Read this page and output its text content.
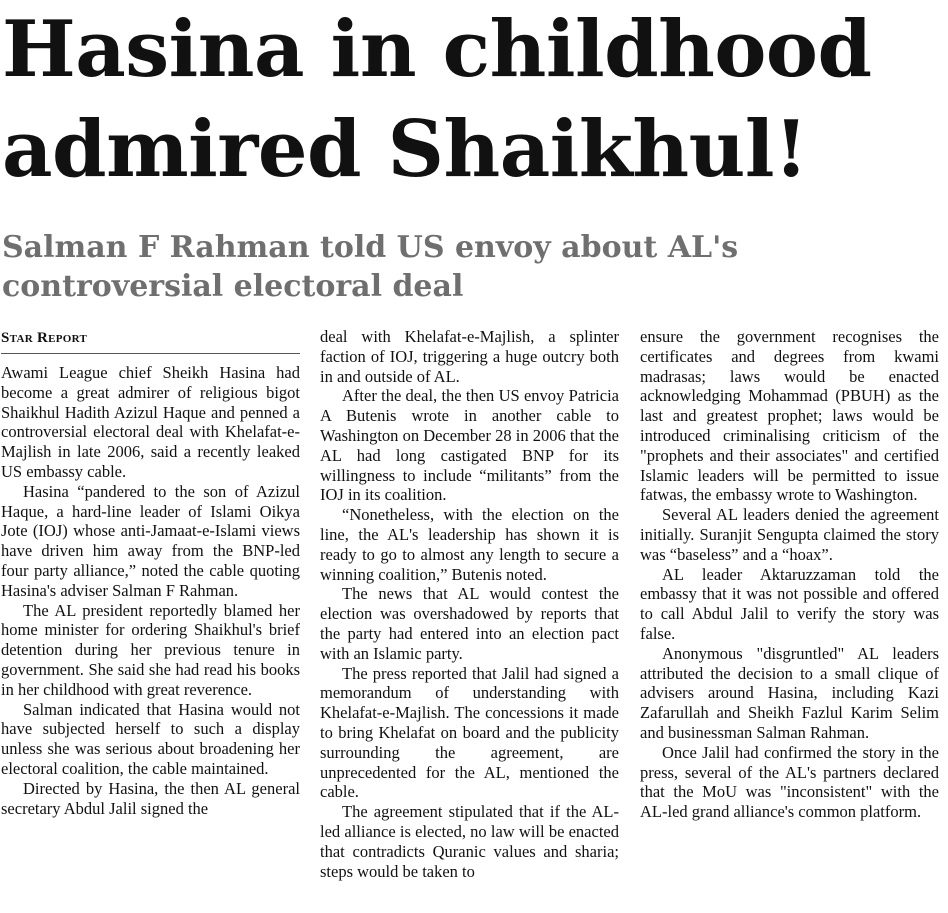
Hasina in childhood
admired Shaikhul!
Salman F Rahman told US envoy about AL's
controversial electoral deal
Star Report

Awami League chief Sheikh Hasina had become a great admirer of religious bigot Shaikhul Hadith Azizul Haque and penned a controversial electoral deal with Khelafat-e-Majlish in late 2006, said a recently leaked US embassy cable.

Hasina “pandered to the son of Azizul Haque, a hard-line leader of Islami Oikya Jote (IOJ) whose anti-Jamaat-e-Islami views have driven him away from the BNP-led four party alliance,” noted the cable quoting Hasina's adviser Salman F Rahman.

The AL president reportedly blamed her home minister for ordering Shaikhul's brief detention during her previous tenure in government. She said she had read his books in her childhood with great reverence.

Salman indicated that Hasina would not have subjected herself to such a display unless she was serious about broadening her electoral coalition, the cable maintained.

Directed by Hasina, the then AL general secretary Abdul Jalil signed the

deal with Khelafat-e-Majlish, a splinter faction of IOJ, triggering a huge outcry both in and outside of AL.

After the deal, the then US envoy Patricia A Butenis wrote in another cable to Washington on December 28 in 2006 that the AL had long castigated BNP for its willingness to include “militants” from the IOJ in its coalition.

“Nonetheless, with the election on the line, the AL's leadership has shown it is ready to go to almost any length to secure a winning coalition,” Butenis noted.

The news that AL would contest the election was overshadowed by reports that the party had entered into an election pact with an Islamic party.

The press reported that Jalil had signed a memorandum of understanding with Khelafat-e-Majlish. The concessions it made to bring Khelafat on board and the publicity surrounding the agreement, are unprecedented for the AL, mentioned the cable.

The agreement stipulated that if the AL-led alliance is elected, no law will be enacted that contradicts Quranic values and sharia; steps would be taken to

ensure the government recognises the certificates and degrees from kwami madrasas; laws would be enacted acknowledging Mohammad (PBUH) as the last and greatest prophet; laws would be introduced criminalising criticism of the "prophets and their associates" and certified Islamic leaders will be permitted to issue fatwas, the embassy wrote to Washington.

Several AL leaders denied the agreement initially. Suranjit Sengupta claimed the story was “baseless” and a “hoax”.

AL leader Aktaruzzaman told the embassy that it was not possible and offered to call Abdul Jalil to verify the story was false.

Anonymous "disgruntled" AL leaders attributed the decision to a small clique of advisers around Hasina, including Kazi Zafarullah and Sheikh Fazlul Karim Selim and businessman Salman Rahman.

Once Jalil had confirmed the story in the press, several of the AL's partners declared that the MoU was "inconsistent" with the AL-led grand alliance's common platform.
